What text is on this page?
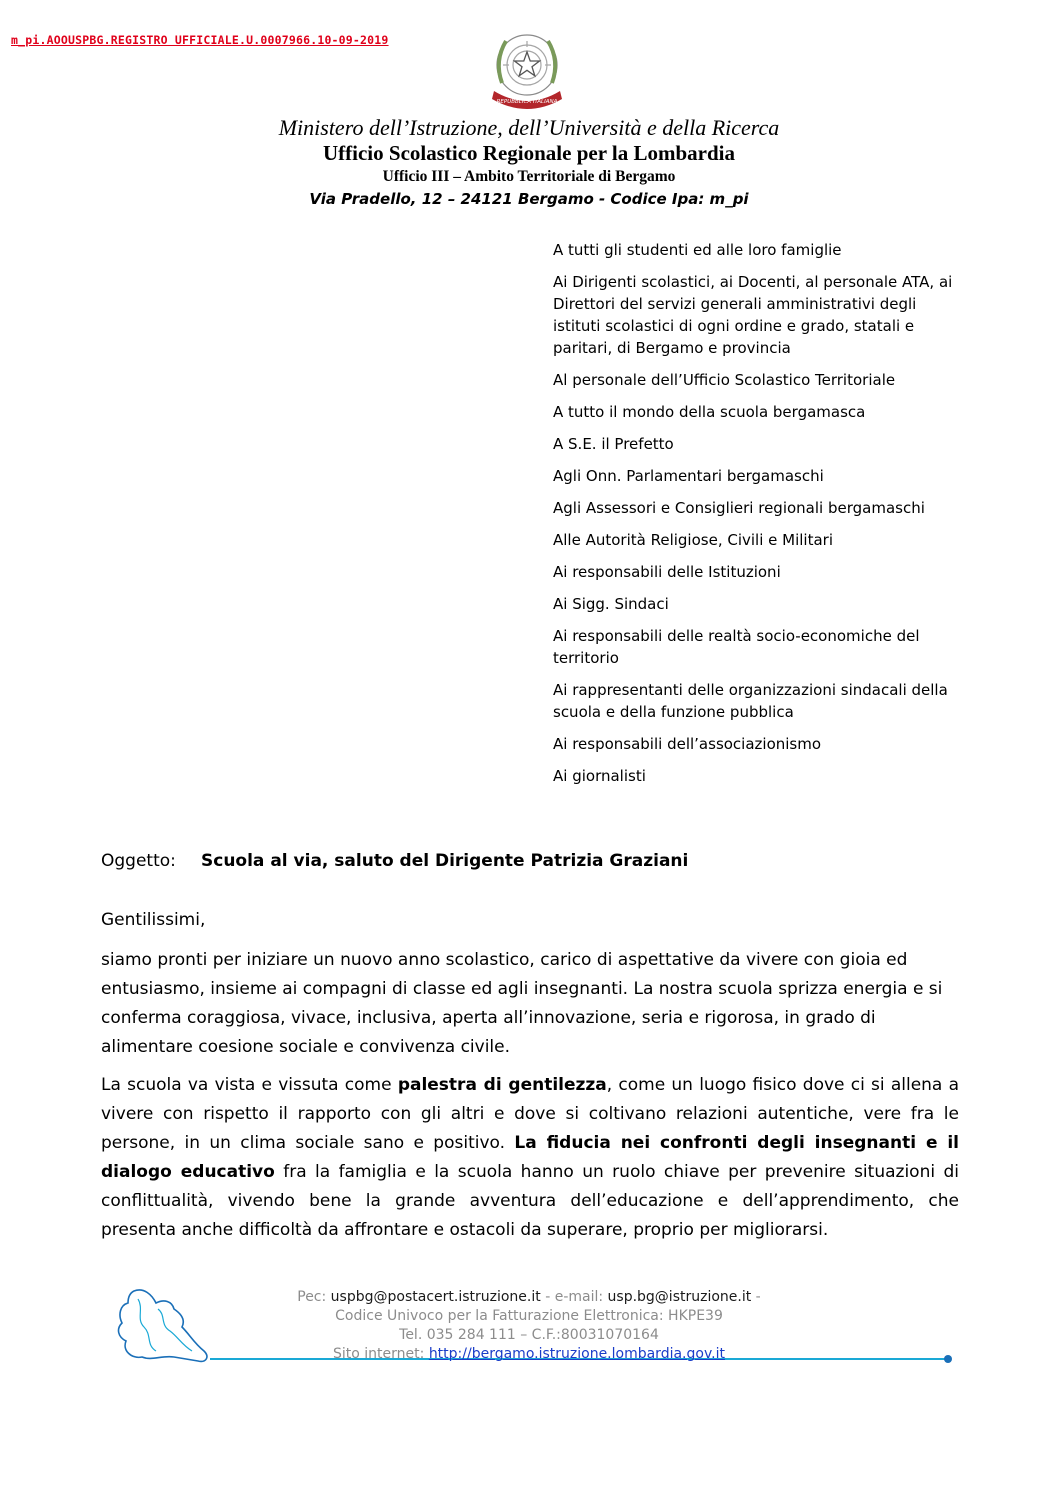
m_pi.AOOUSPBG.REGISTRO UFFICIALE.U.0007966.10-09-2019
REPUBBLICA ITALIANA
Ministero dell’Istruzione, dell’Università e della Ricerca
Ufficio Scolastico Regionale per la Lombardia
Ufficio III – Ambito Territoriale di Bergamo
Via Pradello, 12 – 24121 Bergamo - Codice Ipa: m_pi
A tutti gli studenti ed alle loro famiglie
Ai Dirigenti scolastici, ai Docenti, al personale ATA, ai Direttori del servizi generali amministrativi degli istituti scolastici di ogni ordine e grado, statali e paritari, di Bergamo e provincia
Al personale dell’Ufficio Scolastico Territoriale
A tutto il mondo della scuola bergamasca
A S.E. il Prefetto
Agli Onn. Parlamentari bergamaschi
Agli Assessori e Consiglieri regionali bergamaschi
Alle Autorità Religiose, Civili e Militari
Ai responsabili delle Istituzioni
Ai Sigg. Sindaci
Ai responsabili delle realtà socio-economiche del territorio
Ai rappresentanti delle organizzazioni sindacali della scuola e della funzione pubblica
Ai responsabili dell’associazionismo
Ai giornalisti
Oggetto: Scuola al via, saluto del Dirigente Patrizia Graziani

Gentilissimi,

siamo pronti per iniziare un nuovo anno scolastico, carico di aspettative da vivere con gioia ed entusiasmo, insieme ai compagni di classe ed agli insegnanti. La nostra scuola sprizza energia e si conferma coraggiosa, vivace, inclusiva, aperta all’innovazione, seria e rigorosa, in grado di alimentare coesione sociale e convivenza civile.

La scuola va vista e vissuta come palestra di gentilezza, come un luogo fisico dove ci si allena a vivere con rispetto il rapporto con gli altri e dove si coltivano relazioni autentiche, vere fra le persone, in un clima sociale sano e positivo. La fiducia nei confronti degli insegnanti e il dialogo educativo fra la famiglia e la scuola hanno un ruolo chiave per prevenire situazioni di conflittualità, vivendo bene la grande avventura dell’educazione e dell’apprendimento, che presenta anche difficoltà da affrontare e ostacoli da superare, proprio per migliorarsi.

Pec: uspbg@postacert.istruzione.it - e-mail: usp.bg@istruzione.it -
Codice Univoco per la Fatturazione Elettronica: HKPE39
Tel. 035 284 111 – C.F.:80031070164
Sito internet: http://bergamo.istruzione.lombardia.gov.it
